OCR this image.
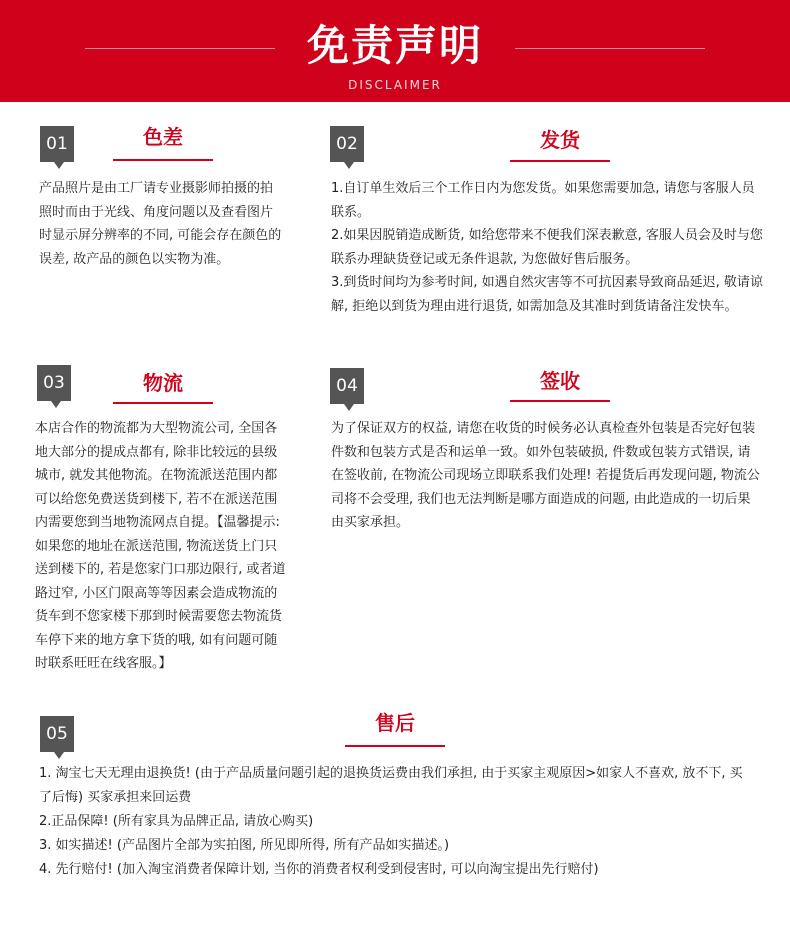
免责声明
DISCLAIMER
01	色差

产品照片是由工厂请专业摄影师拍摄的拍照时而由于光线、角度问题以及查看图片时显示屏分辨率的不同, 可能会存在颜色的误差, 故产品的颜色以实物为准。

02	发货

1.自订单生效后三个工作日内为您发货。如果您需要加急, 请您与客服人员联系。

2.如果因脱销造成断货, 如给您带来不便我们深表歉意, 客服人员会及时与您联系办理缺货登记或无条件退款, 为您做好售后服务。

3.到货时间均为参考时间, 如遇自然灾害等不可抗因素导致商品延迟, 敬请谅解, 拒绝以到货为理由进行退货, 如需加急及其准时到货请备注发快车。

03	物流

本店合作的物流都为大型物流公司, 全国各地大部分的提成点都有, 除非比较远的县级城市, 就发其他物流。在物流派送范围内都可以给您免费送货到楼下, 若不在派送范围内需要您到当地物流网点自提。【温馨提示: 如果您的地址在派送范围, 物流送货上门只送到楼下的, 若是您家门口那边限行, 或者道路过窄, 小区门限高等等因素会造成物流的货车到不您家楼下那到时候需要您去物流货车停下来的地方拿下货的哦, 如有问题可随时联系旺旺在线客服。】

04	签收

为了保证双方的权益, 请您在收货的时候务必认真检查外包装是否完好包装件数和包装方式是否和运单一致。如外包装破损, 件数或包装方式错误, 请在签收前, 在物流公司现场立即联系我们处理! 若提货后再发现问题, 物流公司将不会受理, 我们也无法判断是哪方面造成的问题, 由此造成的一切后果由买家承担。

05	售后

1. 淘宝七天无理由退换货! (由于产品质量问题引起的退换货运费由我们承担, 由于买家主观原因>如家人不喜欢, 放不下, 买了后悔) 买家承担来回运费

2.正品保障! (所有家具为品牌正品, 请放心购买)

3. 如实描述! (产品图片全部为实拍图, 所见即所得, 所有产品如实描述。)

4. 先行赔付! (加入淘宝消费者保障计划, 当你的消费者权利受到侵害时, 可以向淘宝提出先行赔付)
